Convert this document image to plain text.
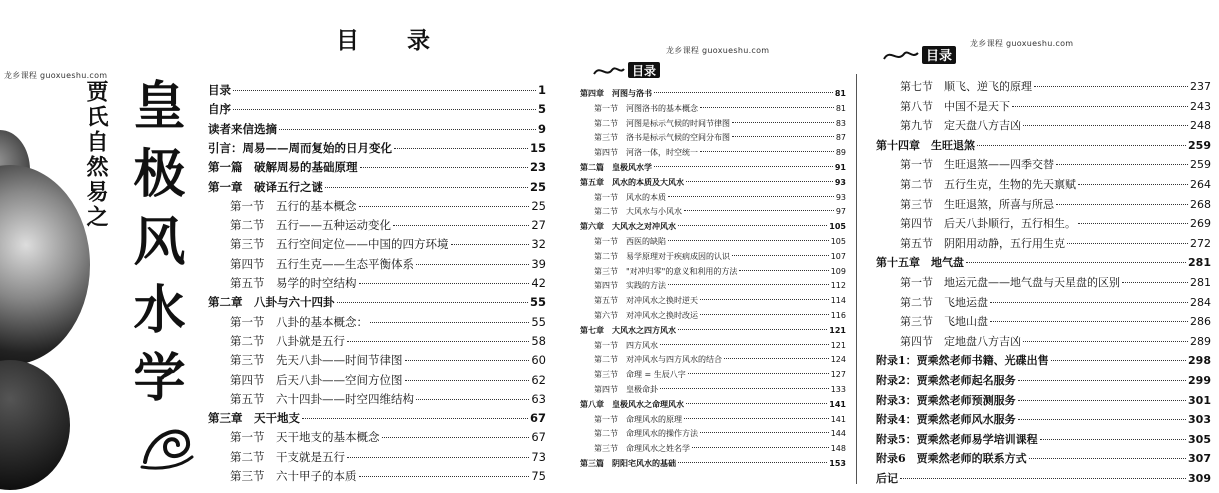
龙乡课程 guoxueshu.com
贾氏自然易之 皇极风水学
目 录
目录	1
自序	5
读者来信选摘	9
引言：周易——周而复始的日月变化	15
第一篇　破解周易的基础原理	23
第一章　破译五行之谜	25
第一节　五行的基本概念	25
第二节　五行——五种运动变化	27
第三节　五行空间定位——中国的四方环境	32
第四节　五行生克——生态平衡体系	39
第五节　易学的时空结构	42
第二章　八卦与六十四卦	55
第一节　八卦的基本概念：	55
第二节　八卦就是五行	58
第三节　先天八卦——时间节律图	60
第四节　后天八卦——空间方位图	62
第五节　六十四卦——时空四维结构	63
第三章　天干地支	67
第一节　天干地支的基本概念	67
第二节　干支就是五行	73
第三节　六十甲子的本质	75
龙乡课程 guoxueshu.com
目录
第四章　河图与洛书	81
第一节　河图洛书的基本概念	81
第二节　河图是标示气候的时间节律图	83
第三节　洛书是标示气候的空间分布图	87
第四节　河洛一体，时空统一	89
第二篇　皇极风水学	91
第五章　风水的本质及大风水	93
第一节　风水的本质	93
第二节　大风水与小风水	97
第六章　大风水之对冲风水	105
第一节　西医的缺陷	105
第二节　易学原理对于疾病成因的认识	107
第三节　"对冲归零"的意义和利用的方法	109
第四节　实践的方法	112
第五节　对冲风水之换时逆天	114
第六节　对冲风水之换时改运	116
第七章　大风水之四方风水	121
第一节　四方风水	121
第二节　对冲风水与四方风水的结合	124
第三节　命理 = 生辰八字	127
第四节　皇极命卦	133
第八章　皇极风水之命理风水	141
第一节　命理风水的原理	141
第二节　命理风水的操作方法	144
第三节　命理风水之姓名学	148
第三篇　阴阳宅风水的基础	153
龙乡课程 guoxueshu.com
目录
第七节　顺飞、逆飞的原理	237
第八节　中国不是天下	243
第九节　定天盘八方吉凶	248
第十四章　生旺退煞	259
第一节　生旺退煞——四季交替	259
第二节　五行生克，生物的先天禀赋	264
第三节　生旺退煞，所喜与所忌	268
第四节　后天八卦顺行，五行相生。	269
第五节　阴阳用动静，五行用生克	272
第十五章　地气盘	281
第一节　地运元盘——地气盘与天星盘的区别	281
第二节　飞地运盘	284
第三节　飞地山盘	286
第四节　定地盘八方吉凶	289
附录1：贾乘然老师书籍、光碟出售	298
附录2：贾乘然老师起名服务	299
附录3：贾乘然老师预测服务	301
附录4：贾乘然老师风水服务	303
附录5：贾乘然老师易学培训课程	305
附录6　贾乘然老师的联系方式	307
后记	309
